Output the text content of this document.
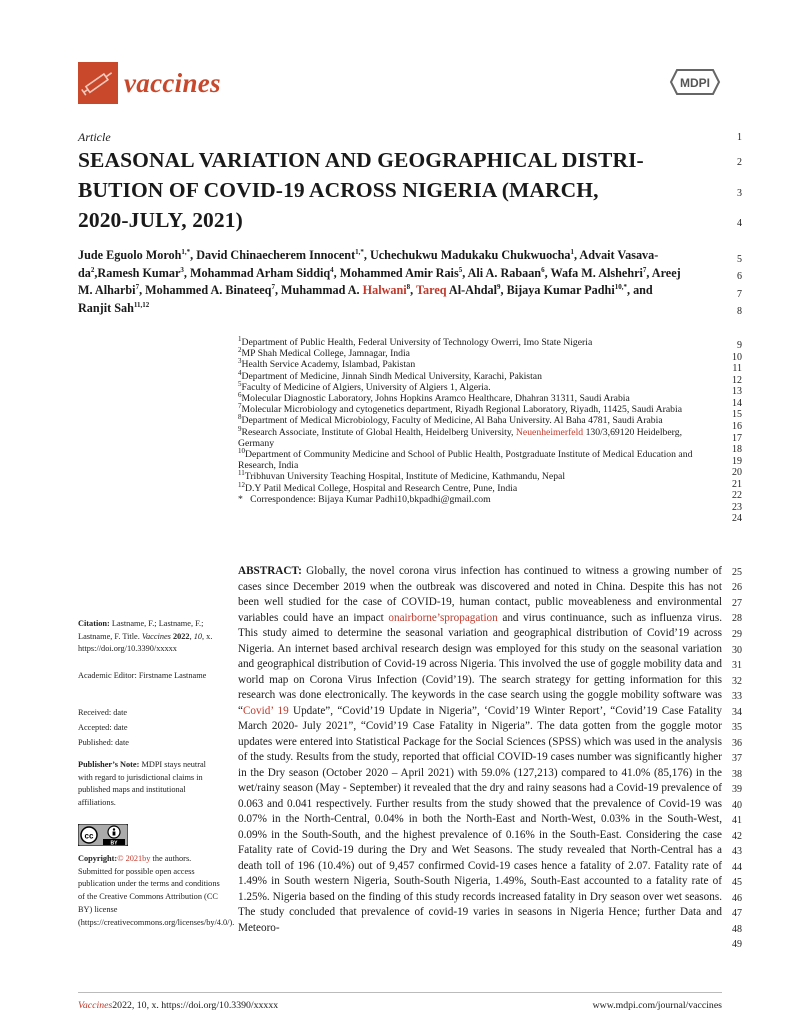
vaccines	MDPI
1
2
3
4
5
6
7
8
9
10
11
12
13
14
15
16
17
18
19
20
21
22
23
24
25
26
27
28
29
30
31
32
33
34
35
36
37
38
39
40
41
42
43
44
45
46
47
48
49
Article
SEASONAL VARIATION AND GEOGRAPHICAL DISTRI-
BUTION OF COVID-19 ACROSS NIGERIA (MARCH,
2020-JULY, 2021)
Jude Eguolo Moroh$^{1,*}$, David Chinaecherem Innocent$^{1,*}$, Uchechukwu Madukaku Chukwuocha$^1$, Advait Vasava-
$da^2,Ramesh$ Kumar$^3$, Mohammad Arham Siddiq$^4$, Mohammed Amir Rais$^5$, Ali A. Rabaan$^6$, Wafa M. Alshehri$^7$, Areej
M. Alharbi$^7$, Mohammed A. Binateeq$^7$, Muhammad A. Halwani$^8$, Tareq Al-Ahdal$^9$, Bijaya Kumar Padhi$^{10,*}$, and
Ranjit Sah$^{11,12}$
$^1$Department of Public Health, Federal University of Technology Owerri, Imo State Nigeria
$^2$MP Shah Medical College, Jamnagar, India
$^3$Health Service Academy, Islambad, Pakistan
$^4$Department of Medicine, Jinnah Sindh Medical University, Karachi, Pakistan
$^5$Faculty of Medicine of Algiers, University of Algiers 1, Algeria.
$^6$Molecular Diagnostic Laboratory, Johns Hopkins Aramco Healthcare, Dhahran 31311, Saudi Arabia
$^7$Molecular Microbiology and cytogenetics department, Riyadh Regional Laboratory, Riyadh, 11425, Saudi Arabia
$^8$Department of Medical Microbiology, Faculty of Medicine, Al Baha University. Al Baha 4781, Saudi Arabia
$^9$Research Associate, Institute of Global Health, Heidelberg University, Neuenheimerfeld 130/3,69120 Heidelberg, Germany
$^{10}$Department of Community Medicine and School of Public Health, Postgraduate Institute of Medical Education and Research, India
$^{11}$Tribhuvan University Teaching Hospital, Institute of Medicine, Kathmandu, Nepal
$^{12}$D.Y Patil Medical College, Hospital and Research Centre, Pune, India
* Correspondence: Bijaya Kumar Padhi10,bkpadhi@gmail.com
ABSTRACT: Globally, the novel corona virus infection has continued to witness a growing number of cases since December 2019 when the outbreak was discovered and noted in China. Despite this has not been well studied for the case of COVID-19, human contact, public moveableness and environmental variables could have an impact onairborne’spropagation and virus continuance, such as influenza virus. This study aimed to determine the seasonal variation and geographical distribution of Covid’19 across Nigeria. An internet based archival research design was employed for this study on the seasonal variation and geographical distribution of Covid-19 across Nigeria. This involved the use of goggle mobility data and world map on Corona Virus Infection (Covid’19). The search strategy for getting information for this research was done electronically. The keywords in the case search using the goggle mobility software was “Covid’ 19 Update”, “Covid’19 Update in Nigeria”, ‘Covid’19 Winter Report’, “Covid’19 Case Fatality March 2020- July 2021”, “Covid’19 Case Fatality in Nigeria”. The data gotten from the goggle motor updates were entered into Statistical Package for the Social Sciences (SPSS) which was used in the analysis of the study. Results from the study, reported that official COVID-19 cases number was significantly higher in the Dry season (October 2020 – April 2021) with 59.0% (127,213) compared to 41.0% (85,176) in the wet/rainy season (May - September) it revealed that the dry and rainy seasons had a Covid-19 prevalence of 0.063 and 0.041 respectively. Further results from the study showed that the prevalence of Covid-19 was 0.07% in the North-Central, 0.04% in both the North-East and North-West, 0.03% in the South-West, 0.09% in the South-South, and the highest prevalence of 0.16% in the South-East. Considering the case Fatality rate of Covid-19 during the Dry and Wet Seasons. The study revealed that North-Central has a death toll of 196 (10.4%) out of 9,457 confirmed Covid-19 cases hence a fatality of 2.07. Fatality rate of 1.49% in South western Nigeria, South-South Nigeria, 1.49%, South-East accounted to a fatality rate of 1.25%. Nigeria based on the finding of this study records increased fatality in Dry season over wet seasons. The study concluded that prevalence of covid-19 varies in seasons in Nigeria Hence; further Data and Meteoro-
Citation: Lastname, F.; Lastname, F.; Lastname, F. Title. Vaccines 2022, 10, x. https://doi.org/10.3390/xxxxx
Academic Editor: Firstname Lastname
Received: date
Accepted: date
Published: date
Publisher’s Note: MDPI stays neutral with regard to jurisdictional claims in published maps and institutional affiliations.
cc
BY
Copyright:© 2021by the authors. Submitted for possible open access publication under the terms and conditions of the Creative Commons Attribution (CC BY) license (https://creativecommons.org/licenses/by/4.0/).
Vaccines2022, 10, x. https://doi.org/10.3390/xxxxx	www.mdpi.com/journal/vaccines
